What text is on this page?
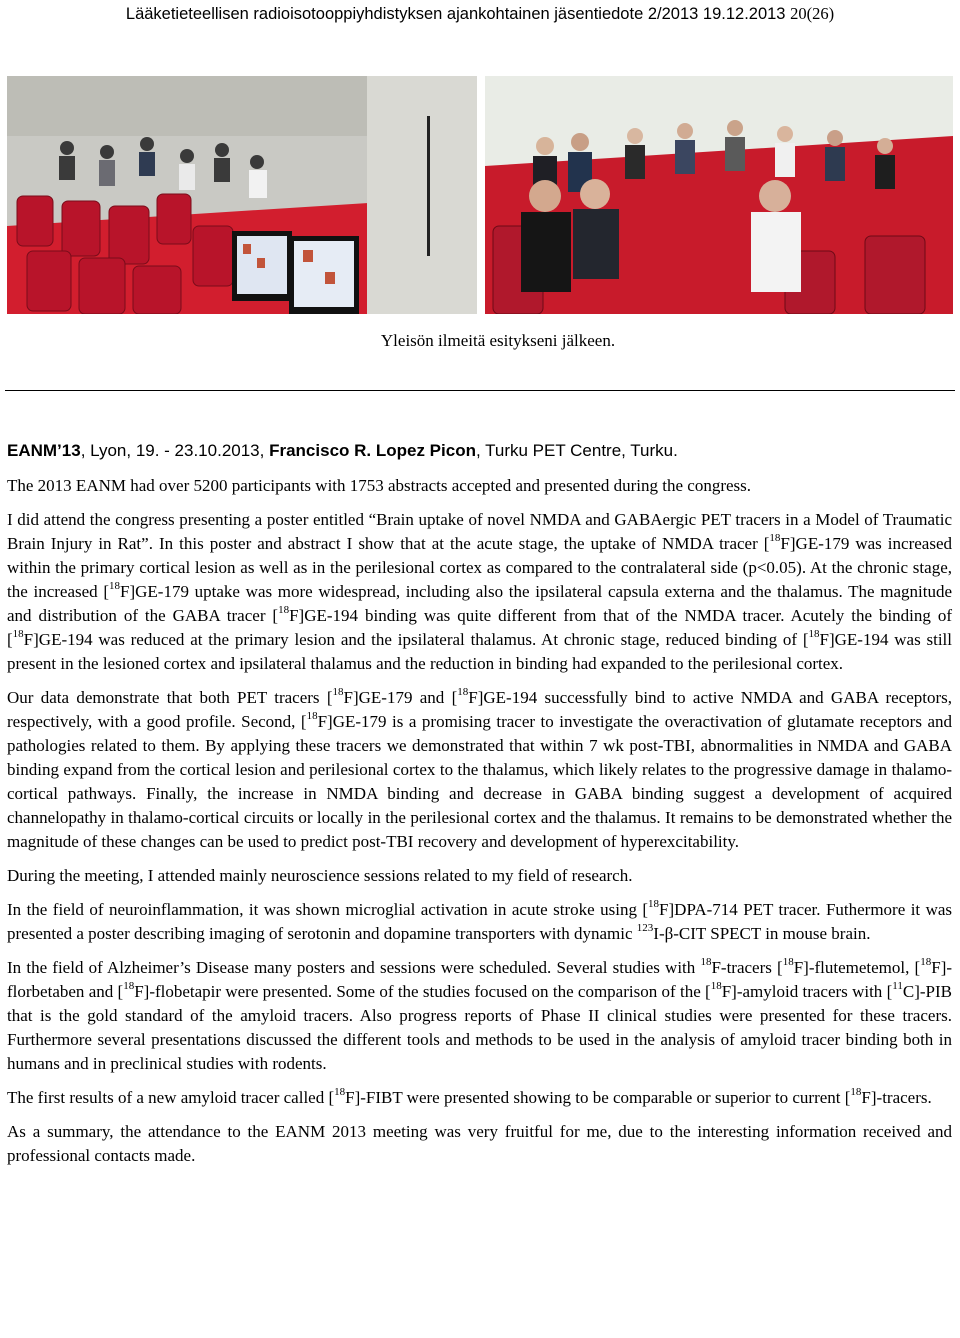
Lääketieteellisen radioisotooppiyhdistyksen ajankohtainen jäsentiedote 2/2013 19.12.2013 20(26)
Yleisön ilmeitä esitykseni jälkeen.
EANM’13, Lyon, 19. - 23.10.2013, Francisco R. Lopez Picon, Turku PET Centre, Turku.

The 2013 EANM had over 5200 participants with 1753 abstracts accepted and presented during the congress.

I did attend the congress presenting a poster entitled “Brain uptake of novel NMDA and GABAergic PET tracers in a Model of Traumatic Brain Injury in Rat”. In this poster and abstract I show that at the acute stage, the uptake of NMDA tracer [$^{18}$F]GE-179 was increased within the primary cortical lesion as well as in the perilesional cortex as compared to the contralateral side (p<0.05). At the chronic stage, the increased [$^{18}$F]GE-179 uptake was more widespread, including also the ipsilateral capsula externa and the thalamus. The magnitude and distribution of the GABA tracer [$^{18}$F]GE-194 binding was quite different from that of the NMDA tracer. Acutely the binding of [$^{18}$F]GE-194 was reduced at the primary lesion and the ipsilateral thalamus. At chronic stage, reduced binding of [$^{18}$F]GE-194 was still present in the lesioned cortex and ipsilateral thalamus and the reduction in binding had expanded to the perilesional cortex.

Our data demonstrate that both PET tracers [$^{18}$F]GE-179 and [$^{18}$F]GE-194 successfully bind to active NMDA and GABA receptors, respectively, with a good profile. Second, [$^{18}$F]GE-179 is a promising tracer to investigate the overactivation of glutamate receptors and pathologies related to them. By applying these tracers we demonstrated that within 7 wk post-TBI, abnormalities in NMDA and GABA binding expand from the cortical lesion and perilesional cortex to the thalamus, which likely relates to the progressive damage in thalamo-cortical pathways. Finally, the increase in NMDA binding and decrease in GABA binding suggest a development of acquired channelopathy in thalamo-cortical circuits or locally in the perilesional cortex and the thalamus. It remains to be demonstrated whether the magnitude of these changes can be used to predict post-TBI recovery and development of hyperexcitability.

During the meeting, I attended mainly neuroscience sessions related to my field of research.

In the field of neuroinflammation, it was shown microglial activation in acute stroke using [$^{18}$F]DPA-714 PET tracer. Futhermore it was presented a poster describing imaging of serotonin and dopamine transporters with dynamic $^{123}$I-β-CIT SPECT in mouse brain.

In the field of Alzheimer’s Disease many posters and sessions were scheduled. Several studies with $^{18}$F-tracers [$^{18}$F]-flutemetemol, [$^{18}$F]-florbetaben and [$^{18}$F]-flobetapir were presented. Some of the studies focused on the comparison of the [$^{18}$F]-amyloid tracers with [$^{11}$C]-PIB that is the gold standard of the amyloid tracers. Also progress reports of Phase II clinical studies were presented for these tracers. Furthermore several presentations discussed the different tools and methods to be used in the analysis of amyloid tracer binding both in humans and in preclinical studies with rodents.

The first results of a new amyloid tracer called [$^{18}$F]-FIBT were presented showing to be comparable or superior to current [$^{18}$F]-tracers.

As a summary, the attendance to the EANM 2013 meeting was very fruitful for me, due to the interesting information received and professional contacts made.
